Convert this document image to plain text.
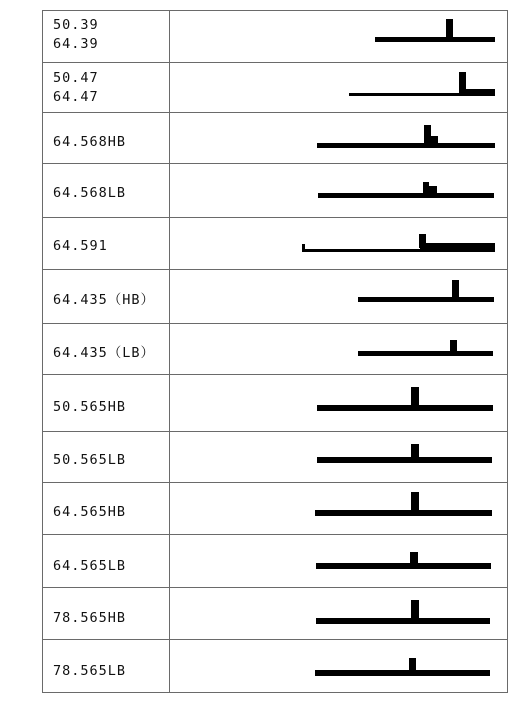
50.39
64.39
50.47
64.47
64.568HB
64.568LB
64.591
64.435（HB）
64.435（LB）
50.565HB
50.565LB
64.565HB
64.565LB
78.565HB
78.565LB
